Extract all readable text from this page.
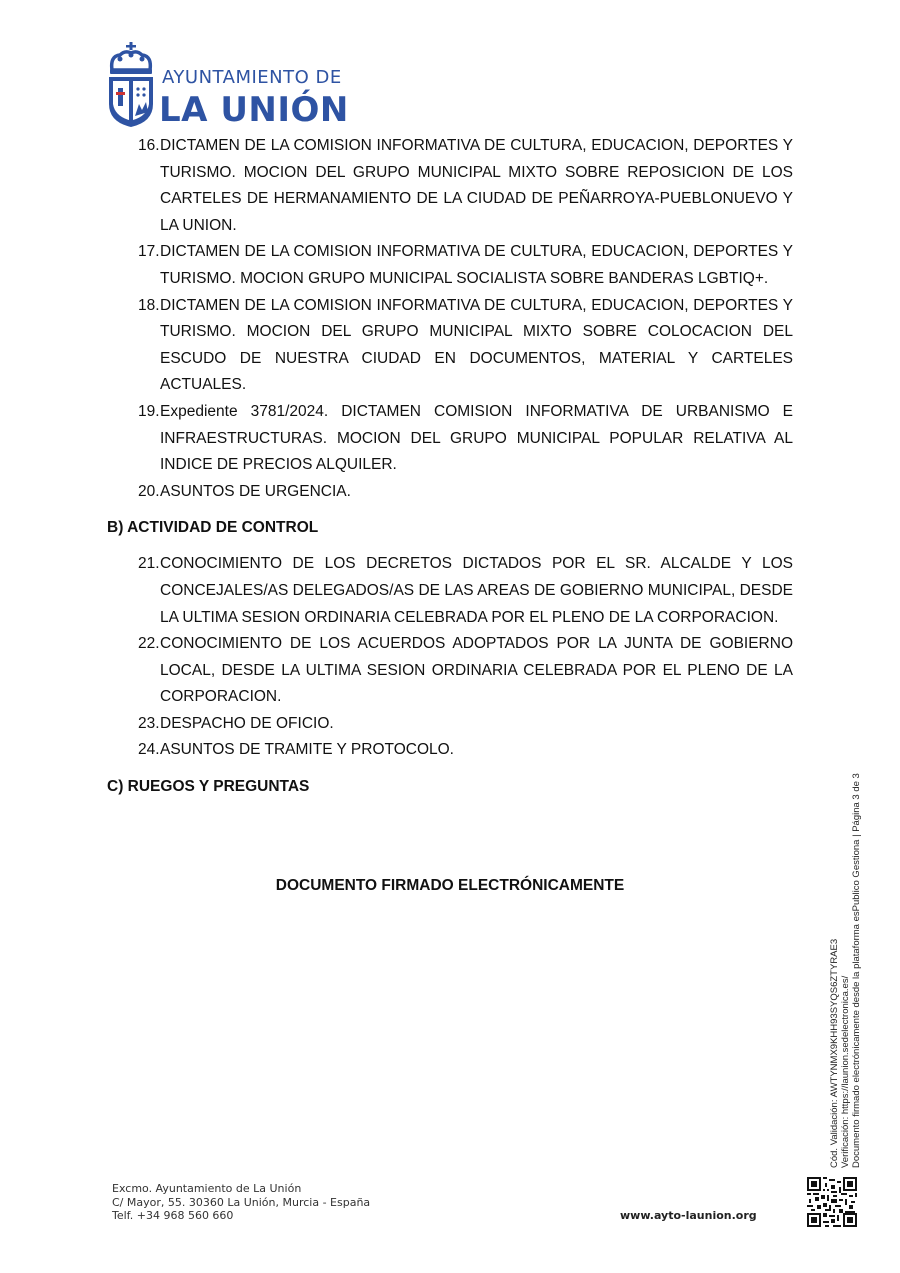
AYUNTAMIENTO DE
LA UNIÓN
16. DICTAMEN DE LA COMISION INFORMATIVA DE CULTURA, EDUCACION, DEPORTES Y TURISMO. MOCION DEL GRUPO MUNICIPAL MIXTO SOBRE REPOSICION DE LOS CARTELES DE HERMANAMIENTO DE LA CIUDAD DE PEÑARROYA-PUEBLONUEVO Y LA UNION.
17. DICTAMEN DE LA COMISION INFORMATIVA DE CULTURA, EDUCACION, DEPORTES Y TURISMO. MOCION GRUPO MUNICIPAL SOCIALISTA SOBRE BANDERAS LGBTIQ+.
18. DICTAMEN DE LA COMISION INFORMATIVA DE CULTURA, EDUCACION, DEPORTES Y TURISMO. MOCION DEL GRUPO MUNICIPAL MIXTO SOBRE COLOCACION DEL ESCUDO DE NUESTRA CIUDAD EN DOCUMENTOS, MATERIAL Y CARTELES ACTUALES.
19. Expediente 3781/2024. DICTAMEN COMISION INFORMATIVA DE URBANISMO E INFRAESTRUCTURAS. MOCION DEL GRUPO MUNICIPAL POPULAR RELATIVA AL INDICE DE PRECIOS ALQUILER.
20. ASUNTOS DE URGENCIA.
B) ACTIVIDAD DE CONTROL
21. CONOCIMIENTO DE LOS DECRETOS DICTADOS POR EL SR. ALCALDE Y LOS CONCEJALES/AS DELEGADOS/AS DE LAS AREAS DE GOBIERNO MUNICIPAL, DESDE LA ULTIMA SESION ORDINARIA CELEBRADA POR EL PLENO DE LA CORPORACION.
22. CONOCIMIENTO DE LOS ACUERDOS ADOPTADOS POR LA JUNTA DE GOBIERNO LOCAL, DESDE LA ULTIMA SESION ORDINARIA CELEBRADA POR EL PLENO DE LA CORPORACION.
23. DESPACHO DE OFICIO.
24. ASUNTOS DE TRAMITE Y PROTOCOLO.
C) RUEGOS Y PREGUNTAS
DOCUMENTO FIRMADO ELECTRÓNICAMENTE
Cód. Validación: AWTYNMX9KHH93SYQS6ZTYRAE3 Verificación: https://launion.sedelectronica.es/ Documento firmado electrónicamente desde la plataforma esPublico Gestiona | Página 3 de 3
Excmo. Ayuntamiento de La Unión
C/ Mayor, 55. 30360 La Unión, Murcia - España
Telf. +34 968 560 660	www.ayto-launion.org
